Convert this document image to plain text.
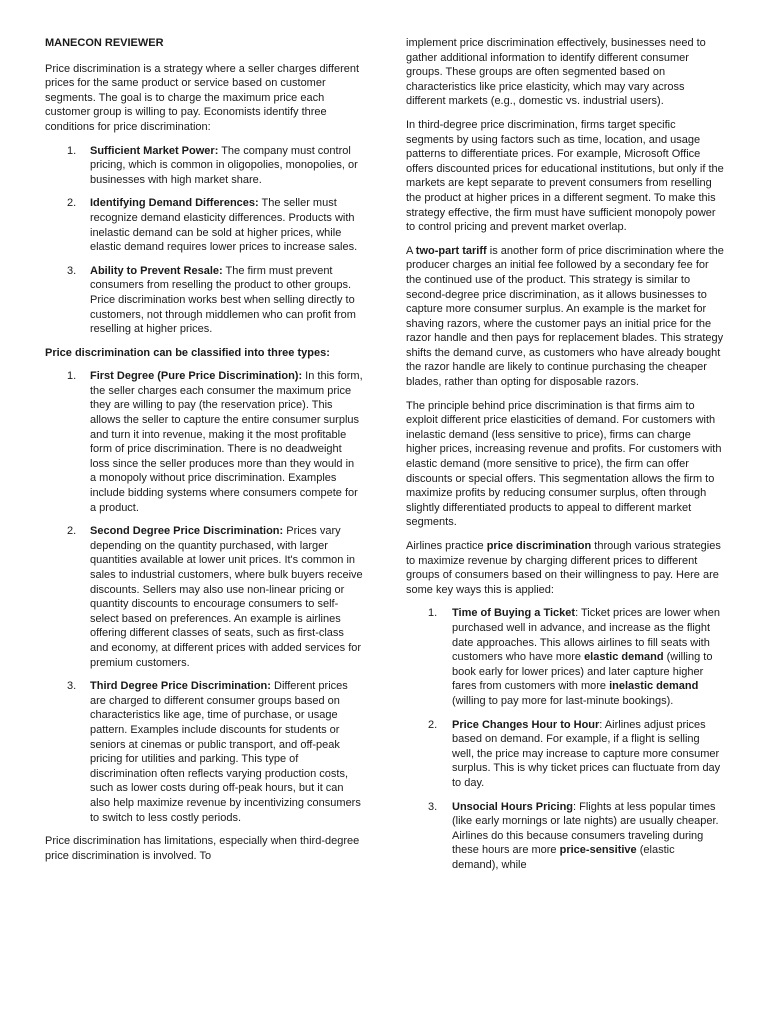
MANECON REVIEWER

Price discrimination is a strategy where a seller charges different prices for the same product or service based on customer segments. The goal is to charge the maximum price each customer group is willing to pay. Economists identify three conditions for price discrimination:

1. Sufficient Market Power: The company must control pricing, which is common in oligopolies, monopolies, or businesses with high market share.
2. Identifying Demand Differences: The seller must recognize demand elasticity differences. Products with inelastic demand can be sold at higher prices, while elastic demand requires lower prices to increase sales.
3. Ability to Prevent Resale: The firm must prevent consumers from reselling the product to other groups. Price discrimination works best when selling directly to customers, not through middlemen who can profit from reselling at higher prices.

Price discrimination can be classified into three types:

1. First Degree (Pure Price Discrimination): In this form, the seller charges each consumer the maximum price they are willing to pay (the reservation price). This allows the seller to capture the entire consumer surplus and turn it into revenue, making it the most profitable form of price discrimination. There is no deadweight loss since the seller produces more than they would in a monopoly without price discrimination. Examples include bidding systems where consumers compete for a product.
2. Second Degree Price Discrimination: Prices vary depending on the quantity purchased, with larger quantities available at lower unit prices. It's common in sales to industrial customers, where bulk buyers receive discounts. Sellers may also use non-linear pricing or quantity discounts to encourage consumers to self-select based on preferences. An example is airlines offering different classes of seats, such as first-class and economy, at different prices with added services for premium customers.
3. Third Degree Price Discrimination: Different prices are charged to different consumer groups based on characteristics like age, time of purchase, or usage pattern. Examples include discounts for students or seniors at cinemas or public transport, and off-peak pricing for utilities and parking. This type of discrimination often reflects varying production costs, such as lower costs during off-peak hours, but it can also help maximize revenue by incentivizing consumers to switch to less costly periods.

Price discrimination has limitations, especially when third-degree price discrimination is involved. To

implement price discrimination effectively, businesses need to gather additional information to identify different consumer groups. These groups are often segmented based on characteristics like price elasticity, which may vary across different markets (e.g., domestic vs. industrial users).

In third-degree price discrimination, firms target specific segments by using factors such as time, location, and usage patterns to differentiate prices. For example, Microsoft Office offers discounted prices for educational institutions, but only if the markets are kept separate to prevent consumers from reselling the product at higher prices in a different segment. To make this strategy effective, the firm must have sufficient monopoly power to control pricing and prevent market overlap.

A two-part tariff is another form of price discrimination where the producer charges an initial fee followed by a secondary fee for the continued use of the product. This strategy is similar to second-degree price discrimination, as it allows businesses to capture more consumer surplus. An example is the market for shaving razors, where the customer pays an initial price for the razor handle and then pays for replacement blades. This strategy shifts the demand curve, as customers who have already bought the razor handle are likely to continue purchasing the cheaper blades, rather than opting for disposable razors.

The principle behind price discrimination is that firms aim to exploit different price elasticities of demand. For customers with inelastic demand (less sensitive to price), firms can charge higher prices, increasing revenue and profits. For customers with elastic demand (more sensitive to price), the firm can offer discounts or special offers. This segmentation allows the firm to maximize profits by reducing consumer surplus, often through slightly differentiated products to appeal to different market segments.

Airlines practice price discrimination through various strategies to maximize revenue by charging different prices to different groups of consumers based on their willingness to pay. Here are some key ways this is applied:

1. Time of Buying a Ticket: Ticket prices are lower when purchased well in advance, and increase as the flight date approaches. This allows airlines to fill seats with customers who have more elastic demand (willing to book early for lower prices) and later capture higher fares from customers with more inelastic demand (willing to pay more for last-minute bookings).
2. Price Changes Hour to Hour: Airlines adjust prices based on demand. For example, if a flight is selling well, the price may increase to capture more consumer surplus. This is why ticket prices can fluctuate from day to day.
3. Unsocial Hours Pricing: Flights at less popular times (like early mornings or late nights) are usually cheaper. Airlines do this because consumers traveling during these hours are more price-sensitive (elastic demand), while
